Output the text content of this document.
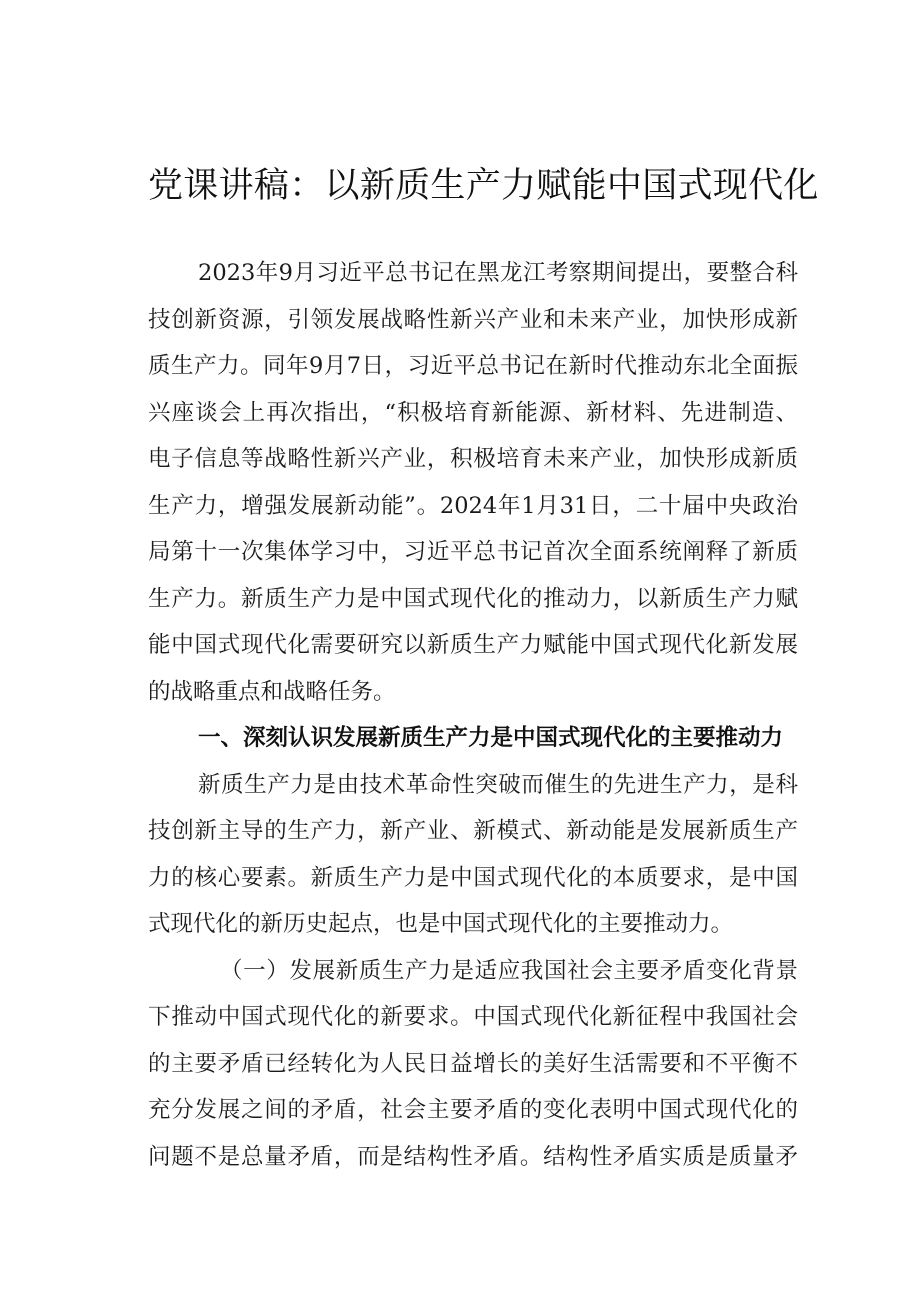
党课讲稿：以新质生产力赋能中国式现代化
2023年9月习近平总书记在黑龙江考察期间提出，要整合科
技创新资源，引领发展战略性新兴产业和未来产业，加快形成新
质生产力。同年9月7日，习近平总书记在新时代推动东北全面振
兴座谈会上再次指出，“积极培育新能源、新材料、先进制造、
电子信息等战略性新兴产业，积极培育未来产业，加快形成新质
生产力，增强发展新动能”。2024年1月31日，二十届中央政治
局第十一次集体学习中，习近平总书记首次全面系统阐释了新质
生产力。新质生产力是中国式现代化的推动力，以新质生产力赋
能中国式现代化需要研究以新质生产力赋能中国式现代化新发展
的战略重点和战略任务。
一、深刻认识发展新质生产力是中国式现代化的主要推动力
新质生产力是由技术革命性突破而催生的先进生产力，是科
技创新主导的生产力，新产业、新模式、新动能是发展新质生产
力的核心要素。新质生产力是中国式现代化的本质要求，是中国
式现代化的新历史起点，也是中国式现代化的主要推动力。
（一）发展新质生产力是适应我国社会主要矛盾变化背景
下推动中国式现代化的新要求。中国式现代化新征程中我国社会
的主要矛盾已经转化为人民日益增长的美好生活需要和不平衡不
充分发展之间的矛盾，社会主要矛盾的变化表明中国式现代化的
问题不是总量矛盾，而是结构性矛盾。结构性矛盾实质是质量矛
